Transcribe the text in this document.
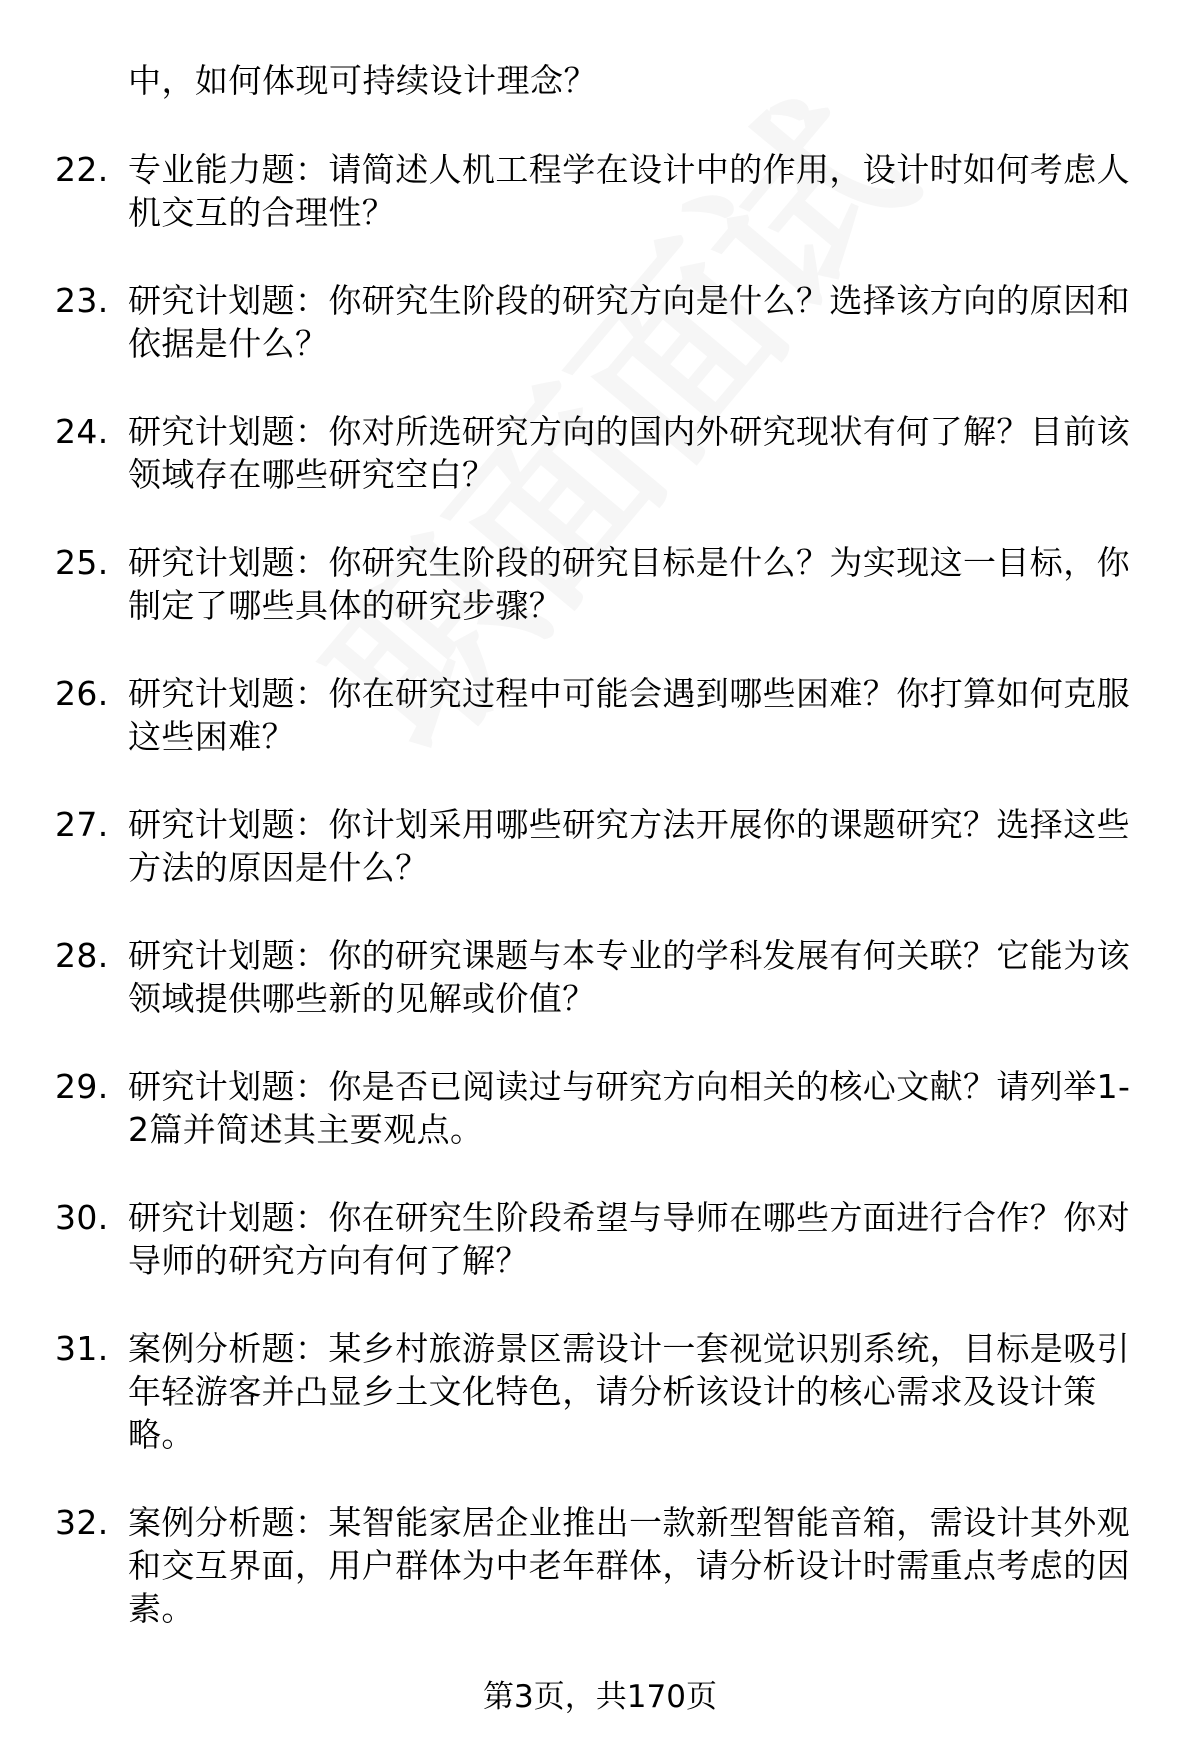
中，如何体现可持续设计理念？
22. 专业能力题：请简述人机工程学在设计中的作用，设计时如何考虑人机交互的合理性？
23. 研究计划题：你研究生阶段的研究方向是什么？选择该方向的原因和依据是什么？
24. 研究计划题：你对所选研究方向的国内外研究现状有何了解？目前该领域存在哪些研究空白？
25. 研究计划题：你研究生阶段的研究目标是什么？为实现这一目标，你制定了哪些具体的研究步骤？
26. 研究计划题：你在研究过程中可能会遇到哪些困难？你打算如何克服这些困难？
27. 研究计划题：你计划采用哪些研究方法开展你的课题研究？选择这些方法的原因是什么？
28. 研究计划题：你的研究课题与本专业的学科发展有何关联？它能为该领域提供哪些新的见解或价值？
29. 研究计划题：你是否已阅读过与研究方向相关的核心文献？请列举1-2篇并简述其主要观点。
30. 研究计划题：你在研究生阶段希望与导师在哪些方面进行合作？你对导师的研究方向有何了解？
31. 案例分析题：某乡村旅游景区需设计一套视觉识别系统，目标是吸引年轻游客并凸显乡土文化特色，请分析该设计的核心需求及设计策略。
32. 案例分析题：某智能家居企业推出一款新型智能音箱，需设计其外观和交互界面，用户群体为中老年群体，请分析设计时需重点考虑的因素。
第3页，共170页
